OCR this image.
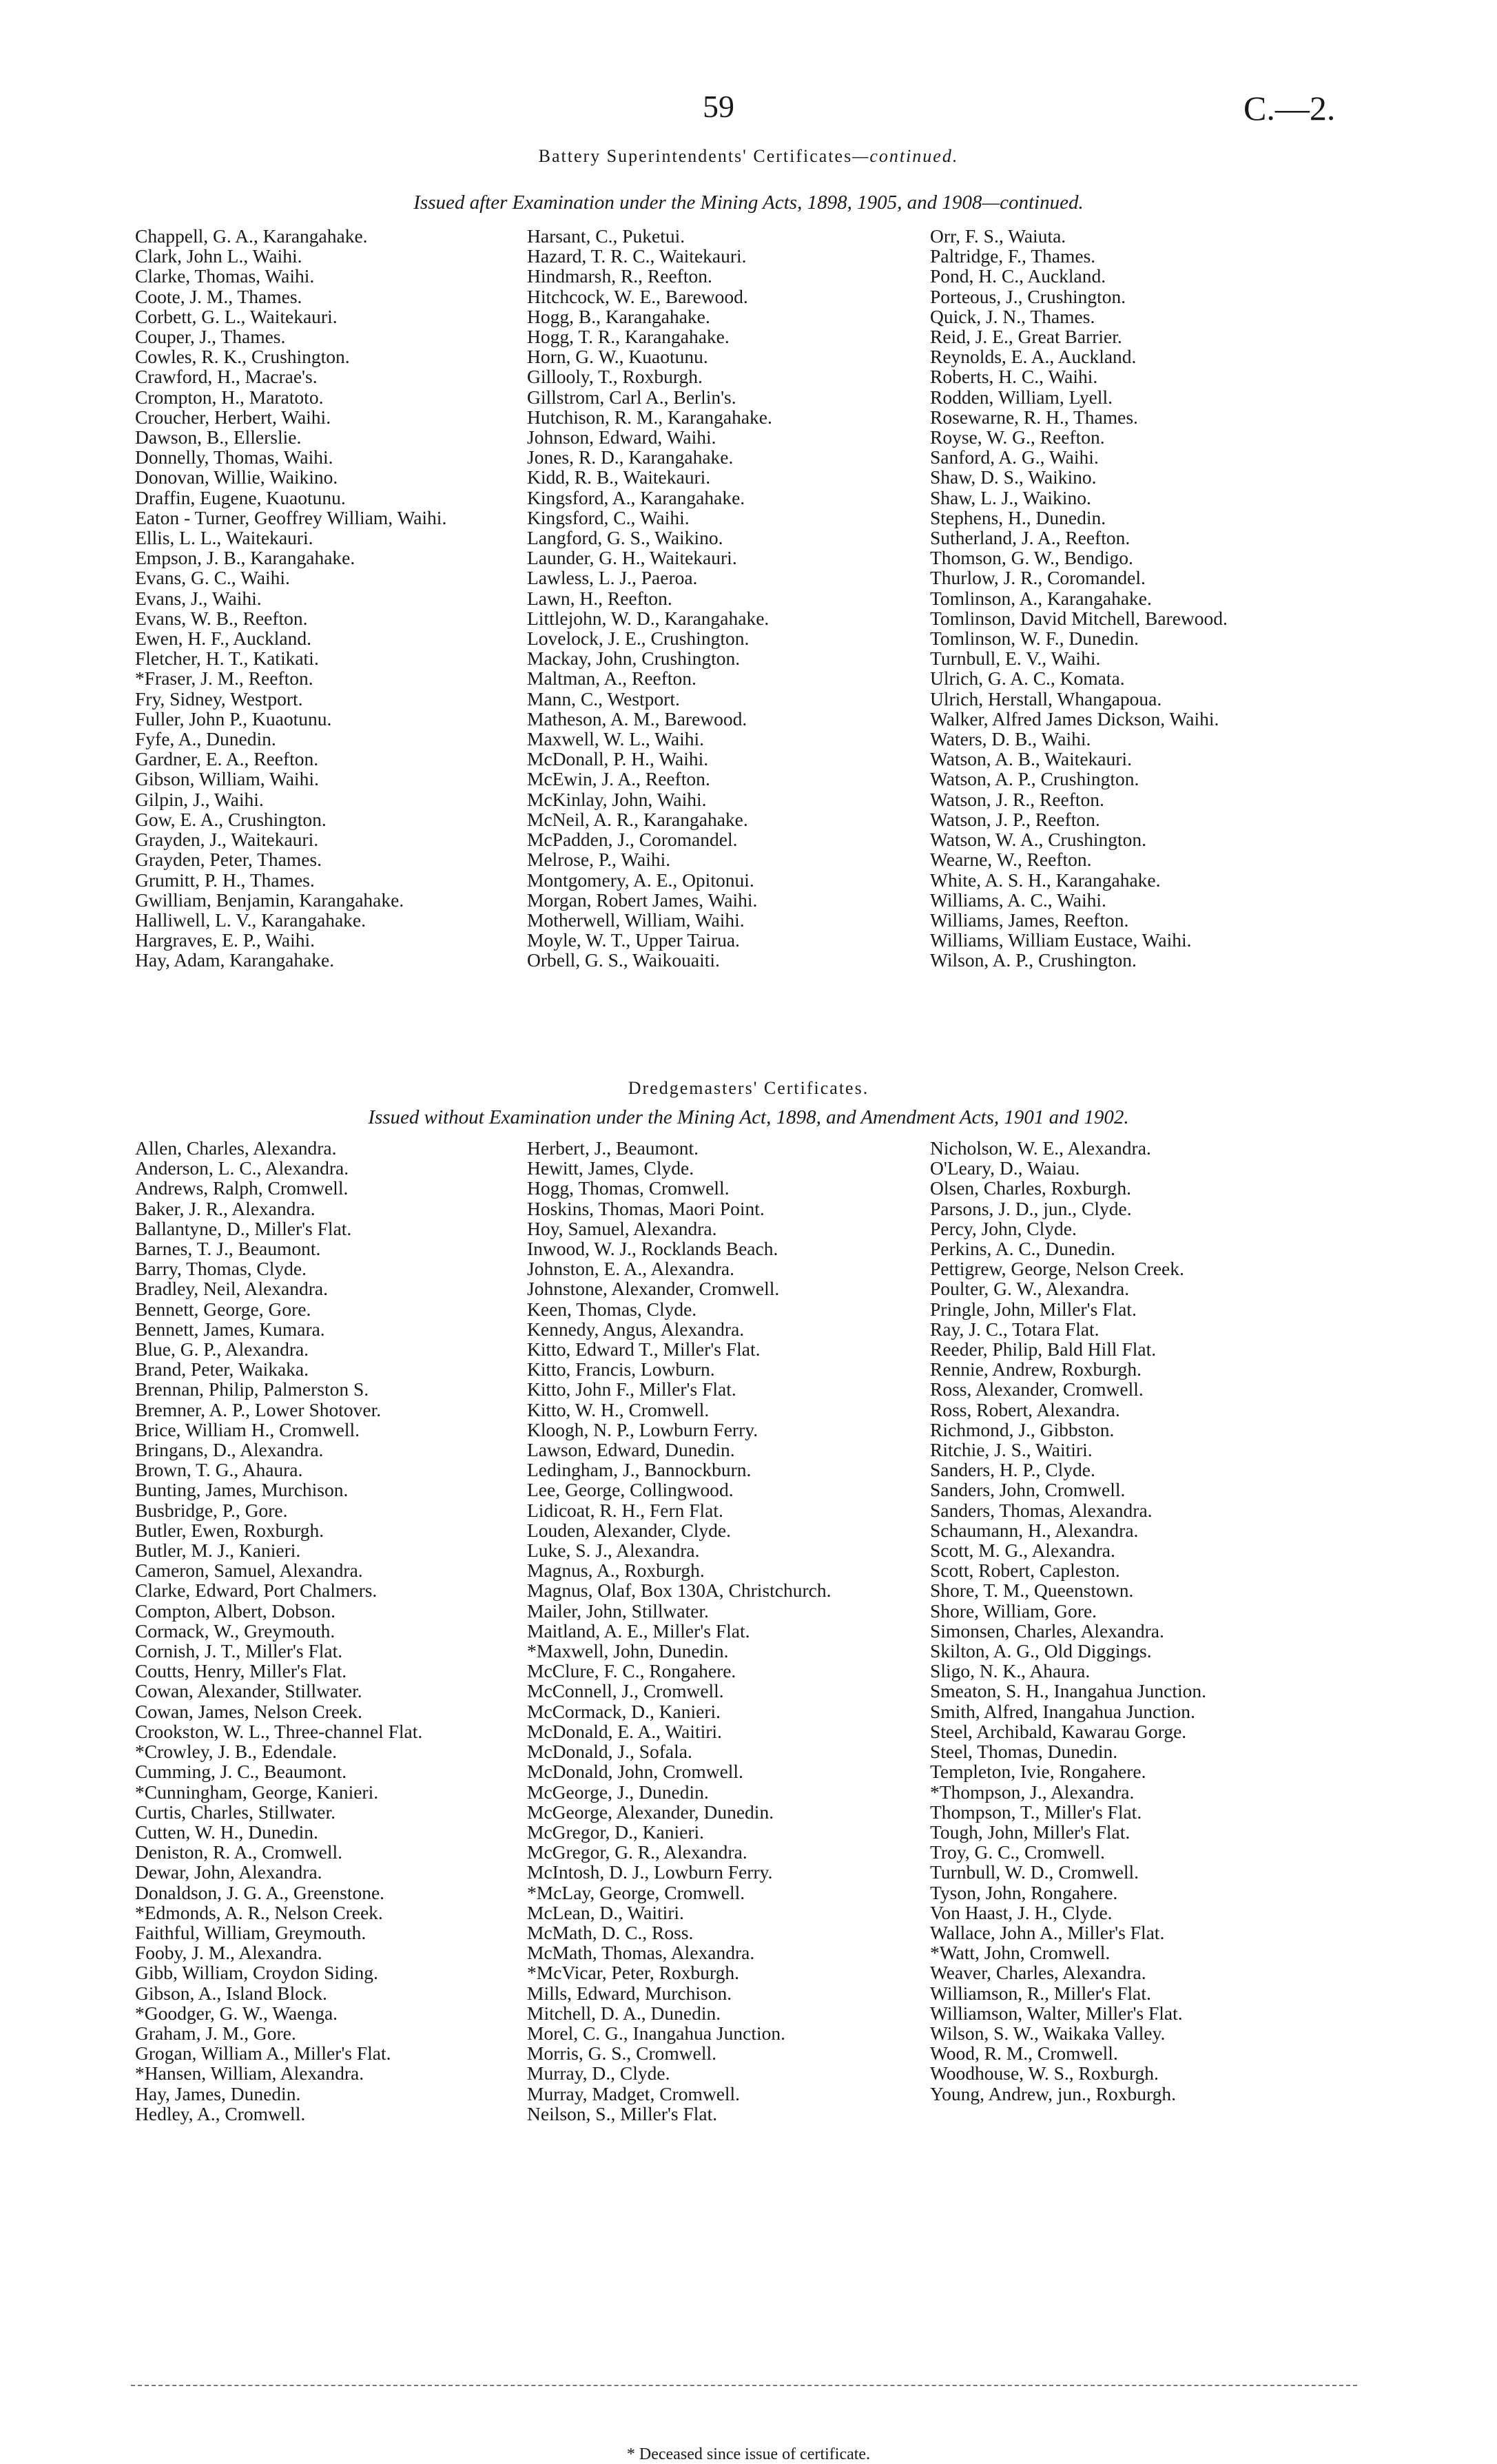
59	C.—2.
Battery Superintendents' Certificates—continued.
Issued after Examination under the Mining Acts, 1898, 1905, and 1908—continued.
Chappell, G. A., Karangahake.
Clark, John L., Waihi.
Clarke, Thomas, Waihi.
Coote, J. M., Thames.
Corbett, G. L., Waitekauri.
Couper, J., Thames.
Cowles, R. K., Crushington.
Crawford, H., Macrae's.
Crompton, H., Maratoto.
Croucher, Herbert, Waihi.
Dawson, B., Ellerslie.
Donnelly, Thomas, Waihi.
Donovan, Willie, Waikino.
Draffin, Eugene, Kuaotunu.
Eaton - Turner, Geoffrey William, Waihi.
Ellis, L. L., Waitekauri.
Empson, J. B., Karangahake.
Evans, G. C., Waihi.
Evans, J., Waihi.
Evans, W. B., Reefton.
Ewen, H. F., Auckland.
Fletcher, H. T., Katikati.
*Fraser, J. M., Reefton.
Fry, Sidney, Westport.
Fuller, John P., Kuaotunu.
Fyfe, A., Dunedin.
Gardner, E. A., Reefton.
Gibson, William, Waihi.
Gilpin, J., Waihi.
Gow, E. A., Crushington.
Grayden, J., Waitekauri.
Grayden, Peter, Thames.
Grumitt, P. H., Thames.
Gwilliam, Benjamin, Karangahake.
Halliwell, L. V., Karangahake.
Hargraves, E. P., Waihi.
Hay, Adam, Karangahake.
Harsant, C., Puketui.
Hazard, T. R. C., Waitekauri.
Hindmarsh, R., Reefton.
Hitchcock, W. E., Barewood.
Hogg, B., Karangahake.
Hogg, T. R., Karangahake.
Horn, G. W., Kuaotunu.
Gillooly, T., Roxburgh.
Gillstrom, Carl A., Berlin's.
Hutchison, R. M., Karangahake.
Johnson, Edward, Waihi.
Jones, R. D., Karangahake.
Kidd, R. B., Waitekauri.
Kingsford, A., Karangahake.
Kingsford, C., Waihi.
Langford, G. S., Waikino.
Launder, G. H., Waitekauri.
Lawless, L. J., Paeroa.
Lawn, H., Reefton.
Littlejohn, W. D., Karangahake.
Lovelock, J. E., Crushington.
Mackay, John, Crushington.
Maltman, A., Reefton.
Mann, C., Westport.
Matheson, A. M., Barewood.
Maxwell, W. L., Waihi.
McDonall, P. H., Waihi.
McEwin, J. A., Reefton.
McKinlay, John, Waihi.
McNeil, A. R., Karangahake.
McPadden, J., Coromandel.
Melrose, P., Waihi.
Montgomery, A. E., Opitonui.
Morgan, Robert James, Waihi.
Motherwell, William, Waihi.
Moyle, W. T., Upper Tairua.
Orbell, G. S., Waikouaiti.
Orr, F. S., Waiuta.
Paltridge, F., Thames.
Pond, H. C., Auckland.
Porteous, J., Crushington.
Quick, J. N., Thames.
Reid, J. E., Great Barrier.
Reynolds, E. A., Auckland.
Roberts, H. C., Waihi.
Rodden, William, Lyell.
Rosewarne, R. H., Thames.
Royse, W. G., Reefton.
Sanford, A. G., Waihi.
Shaw, D. S., Waikino.
Shaw, L. J., Waikino.
Stephens, H., Dunedin.
Sutherland, J. A., Reefton.
Thomson, G. W., Bendigo.
Thurlow, J. R., Coromandel.
Tomlinson, A., Karangahake.
Tomlinson, David Mitchell, Barewood.
Tomlinson, W. F., Dunedin.
Turnbull, E. V., Waihi.
Ulrich, G. A. C., Komata.
Ulrich, Herstall, Whangapoua.
Walker, Alfred James Dickson, Waihi.
Waters, D. B., Waihi.
Watson, A. B., Waitekauri.
Watson, A. P., Crushington.
Watson, J. R., Reefton.
Watson, J. P., Reefton.
Watson, W. A., Crushington.
Wearne, W., Reefton.
White, A. S. H., Karangahake.
Williams, A. C., Waihi.
Williams, James, Reefton.
Williams, William Eustace, Waihi.
Wilson, A. P., Crushington.
Dredgemasters' Certificates.
Issued without Examination under the Mining Act, 1898, and Amendment Acts, 1901 and 1902.
Allen, Charles, Alexandra.
Anderson, L. C., Alexandra.
Andrews, Ralph, Cromwell.
Baker, J. R., Alexandra.
Ballantyne, D., Miller's Flat.
Barnes, T. J., Beaumont.
Barry, Thomas, Clyde.
Bradley, Neil, Alexandra.
Bennett, George, Gore.
Bennett, James, Kumara.
Blue, G. P., Alexandra.
Brand, Peter, Waikaka.
Brennan, Philip, Palmerston S.
Bremner, A. P., Lower Shotover.
Brice, William H., Cromwell.
Bringans, D., Alexandra.
Brown, T. G., Ahaura.
Bunting, James, Murchison.
Busbridge, P., Gore.
Butler, Ewen, Roxburgh.
Butler, M. J., Kanieri.
Cameron, Samuel, Alexandra.
Clarke, Edward, Port Chalmers.
Compton, Albert, Dobson.
Cormack, W., Greymouth.
Cornish, J. T., Miller's Flat.
Coutts, Henry, Miller's Flat.
Cowan, Alexander, Stillwater.
Cowan, James, Nelson Creek.
Crookston, W. L., Three-channel Flat.
*Crowley, J. B., Edendale.
Cumming, J. C., Beaumont.
*Cunningham, George, Kanieri.
Curtis, Charles, Stillwater.
Cutten, W. H., Dunedin.
Deniston, R. A., Cromwell.
Dewar, John, Alexandra.
Donaldson, J. G. A., Greenstone.
*Edmonds, A. R., Nelson Creek.
Faithful, William, Greymouth.
Fooby, J. M., Alexandra.
Gibb, William, Croydon Siding.
Gibson, A., Island Block.
*Goodger, G. W., Waenga.
Graham, J. M., Gore.
Grogan, William A., Miller's Flat.
*Hansen, William, Alexandra.
Hay, James, Dunedin.
Hedley, A., Cromwell.
Herbert, J., Beaumont.
Hewitt, James, Clyde.
Hogg, Thomas, Cromwell.
Hoskins, Thomas, Maori Point.
Hoy, Samuel, Alexandra.
Inwood, W. J., Rocklands Beach.
Johnston, E. A., Alexandra.
Johnstone, Alexander, Cromwell.
Keen, Thomas, Clyde.
Kennedy, Angus, Alexandra.
Kitto, Edward T., Miller's Flat.
Kitto, Francis, Lowburn.
Kitto, John F., Miller's Flat.
Kitto, W. H., Cromwell.
Kloogh, N. P., Lowburn Ferry.
Lawson, Edward, Dunedin.
Ledingham, J., Bannockburn.
Lee, George, Collingwood.
Lidicoat, R. H., Fern Flat.
Louden, Alexander, Clyde.
Luke, S. J., Alexandra.
Magnus, A., Roxburgh.
Magnus, Olaf, Box 130A, Christchurch.
Mailer, John, Stillwater.
Maitland, A. E., Miller's Flat.
*Maxwell, John, Dunedin.
McClure, F. C., Rongahere.
McConnell, J., Cromwell.
McCormack, D., Kanieri.
McDonald, E. A., Waitiri.
McDonald, J., Sofala.
McDonald, John, Cromwell.
McGeorge, J., Dunedin.
McGeorge, Alexander, Dunedin.
McGregor, D., Kanieri.
McGregor, G. R., Alexandra.
McIntosh, D. J., Lowburn Ferry.
*McLay, George, Cromwell.
McLean, D., Waitiri.
McMath, D. C., Ross.
McMath, Thomas, Alexandra.
*McVicar, Peter, Roxburgh.
Mills, Edward, Murchison.
Mitchell, D. A., Dunedin.
Morel, C. G., Inangahua Junction.
Morris, G. S., Cromwell.
Murray, D., Clyde.
Murray, Madget, Cromwell.
Neilson, S., Miller's Flat.
Nicholson, W. E., Alexandra.
O'Leary, D., Waiau.
Olsen, Charles, Roxburgh.
Parsons, J. D., jun., Clyde.
Percy, John, Clyde.
Perkins, A. C., Dunedin.
Pettigrew, George, Nelson Creek.
Poulter, G. W., Alexandra.
Pringle, John, Miller's Flat.
Ray, J. C., Totara Flat.
Reeder, Philip, Bald Hill Flat.
Rennie, Andrew, Roxburgh.
Ross, Alexander, Cromwell.
Ross, Robert, Alexandra.
Richmond, J., Gibbston.
Ritchie, J. S., Waitiri.
Sanders, H. P., Clyde.
Sanders, John, Cromwell.
Sanders, Thomas, Alexandra.
Schaumann, H., Alexandra.
Scott, M. G., Alexandra.
Scott, Robert, Capleston.
Shore, T. M., Queenstown.
Shore, William, Gore.
Simonsen, Charles, Alexandra.
Skilton, A. G., Old Diggings.
Sligo, N. K., Ahaura.
Smeaton, S. H., Inangahua Junction.
Smith, Alfred, Inangahua Junction.
Steel, Archibald, Kawarau Gorge.
Steel, Thomas, Dunedin.
Templeton, Ivie, Rongahere.
*Thompson, J., Alexandra.
Thompson, T., Miller's Flat.
Tough, John, Miller's Flat.
Troy, G. C., Cromwell.
Turnbull, W. D., Cromwell.
Tyson, John, Rongahere.
Von Haast, J. H., Clyde.
Wallace, John A., Miller's Flat.
*Watt, John, Cromwell.
Weaver, Charles, Alexandra.
Williamson, R., Miller's Flat.
Williamson, Walter, Miller's Flat.
Wilson, S. W., Waikaka Valley.
Wood, R. M., Cromwell.
Woodhouse, W. S., Roxburgh.
Young, Andrew, jun., Roxburgh.
* Deceased since issue of certificate.
